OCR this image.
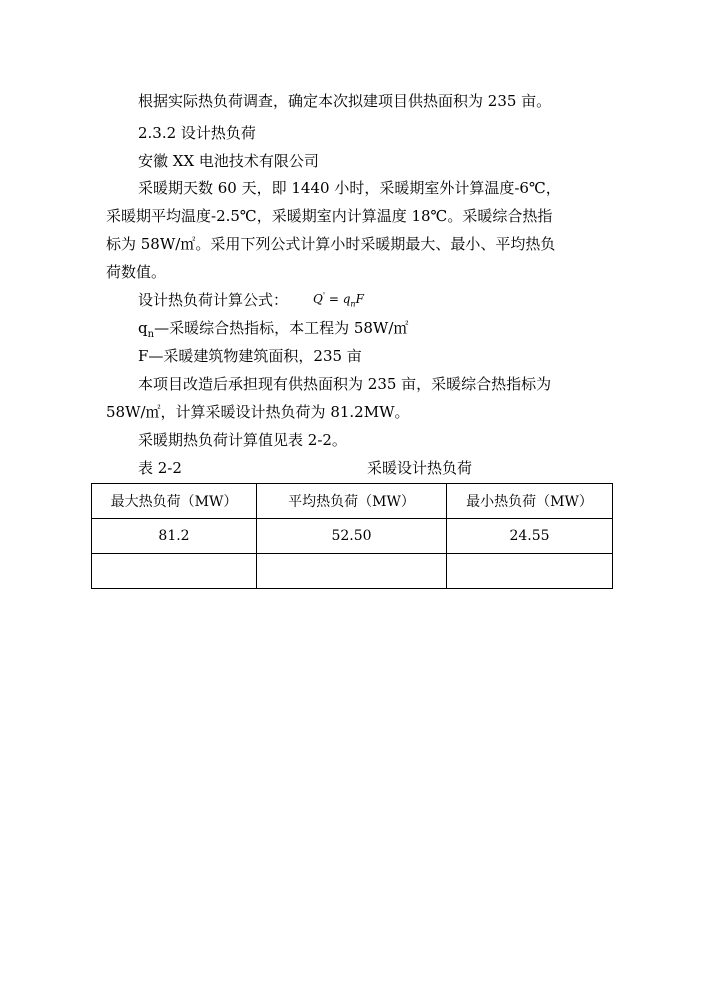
根据实际热负荷调查，确定本次拟建项目供热面积为 235 亩。
2.3.2 设计热负荷
安徽 XX 电池技术有限公司
采暖期天数 60 天，即 1440 小时，采暖期室外计算温度-6℃，
采暖期平均温度-2.5℃，采暖期室内计算温度 18℃。采暖综合热指
标为 58W/㎡。采用下列公式计算小时采暖期最大、最小、平均热负
荷数值。
设计热负荷计算公式： $Q' = q_nF$
$q_n—$采暖综合热指标，本工程为 58W/㎡
F—采暖建筑物建筑面积，235 亩
本项目改造后承担现有供热面积为 235 亩，采暖综合热指标为
58W/㎡，计算采暖设计热负荷为 81.2MW。
采暖期热负荷计算值见表 2-2。
表 2-2	采暖设计热负荷
最大热负荷（MW）	平均热负荷（MW）	最小热负荷（MW）
81.2	52.50	24.55
